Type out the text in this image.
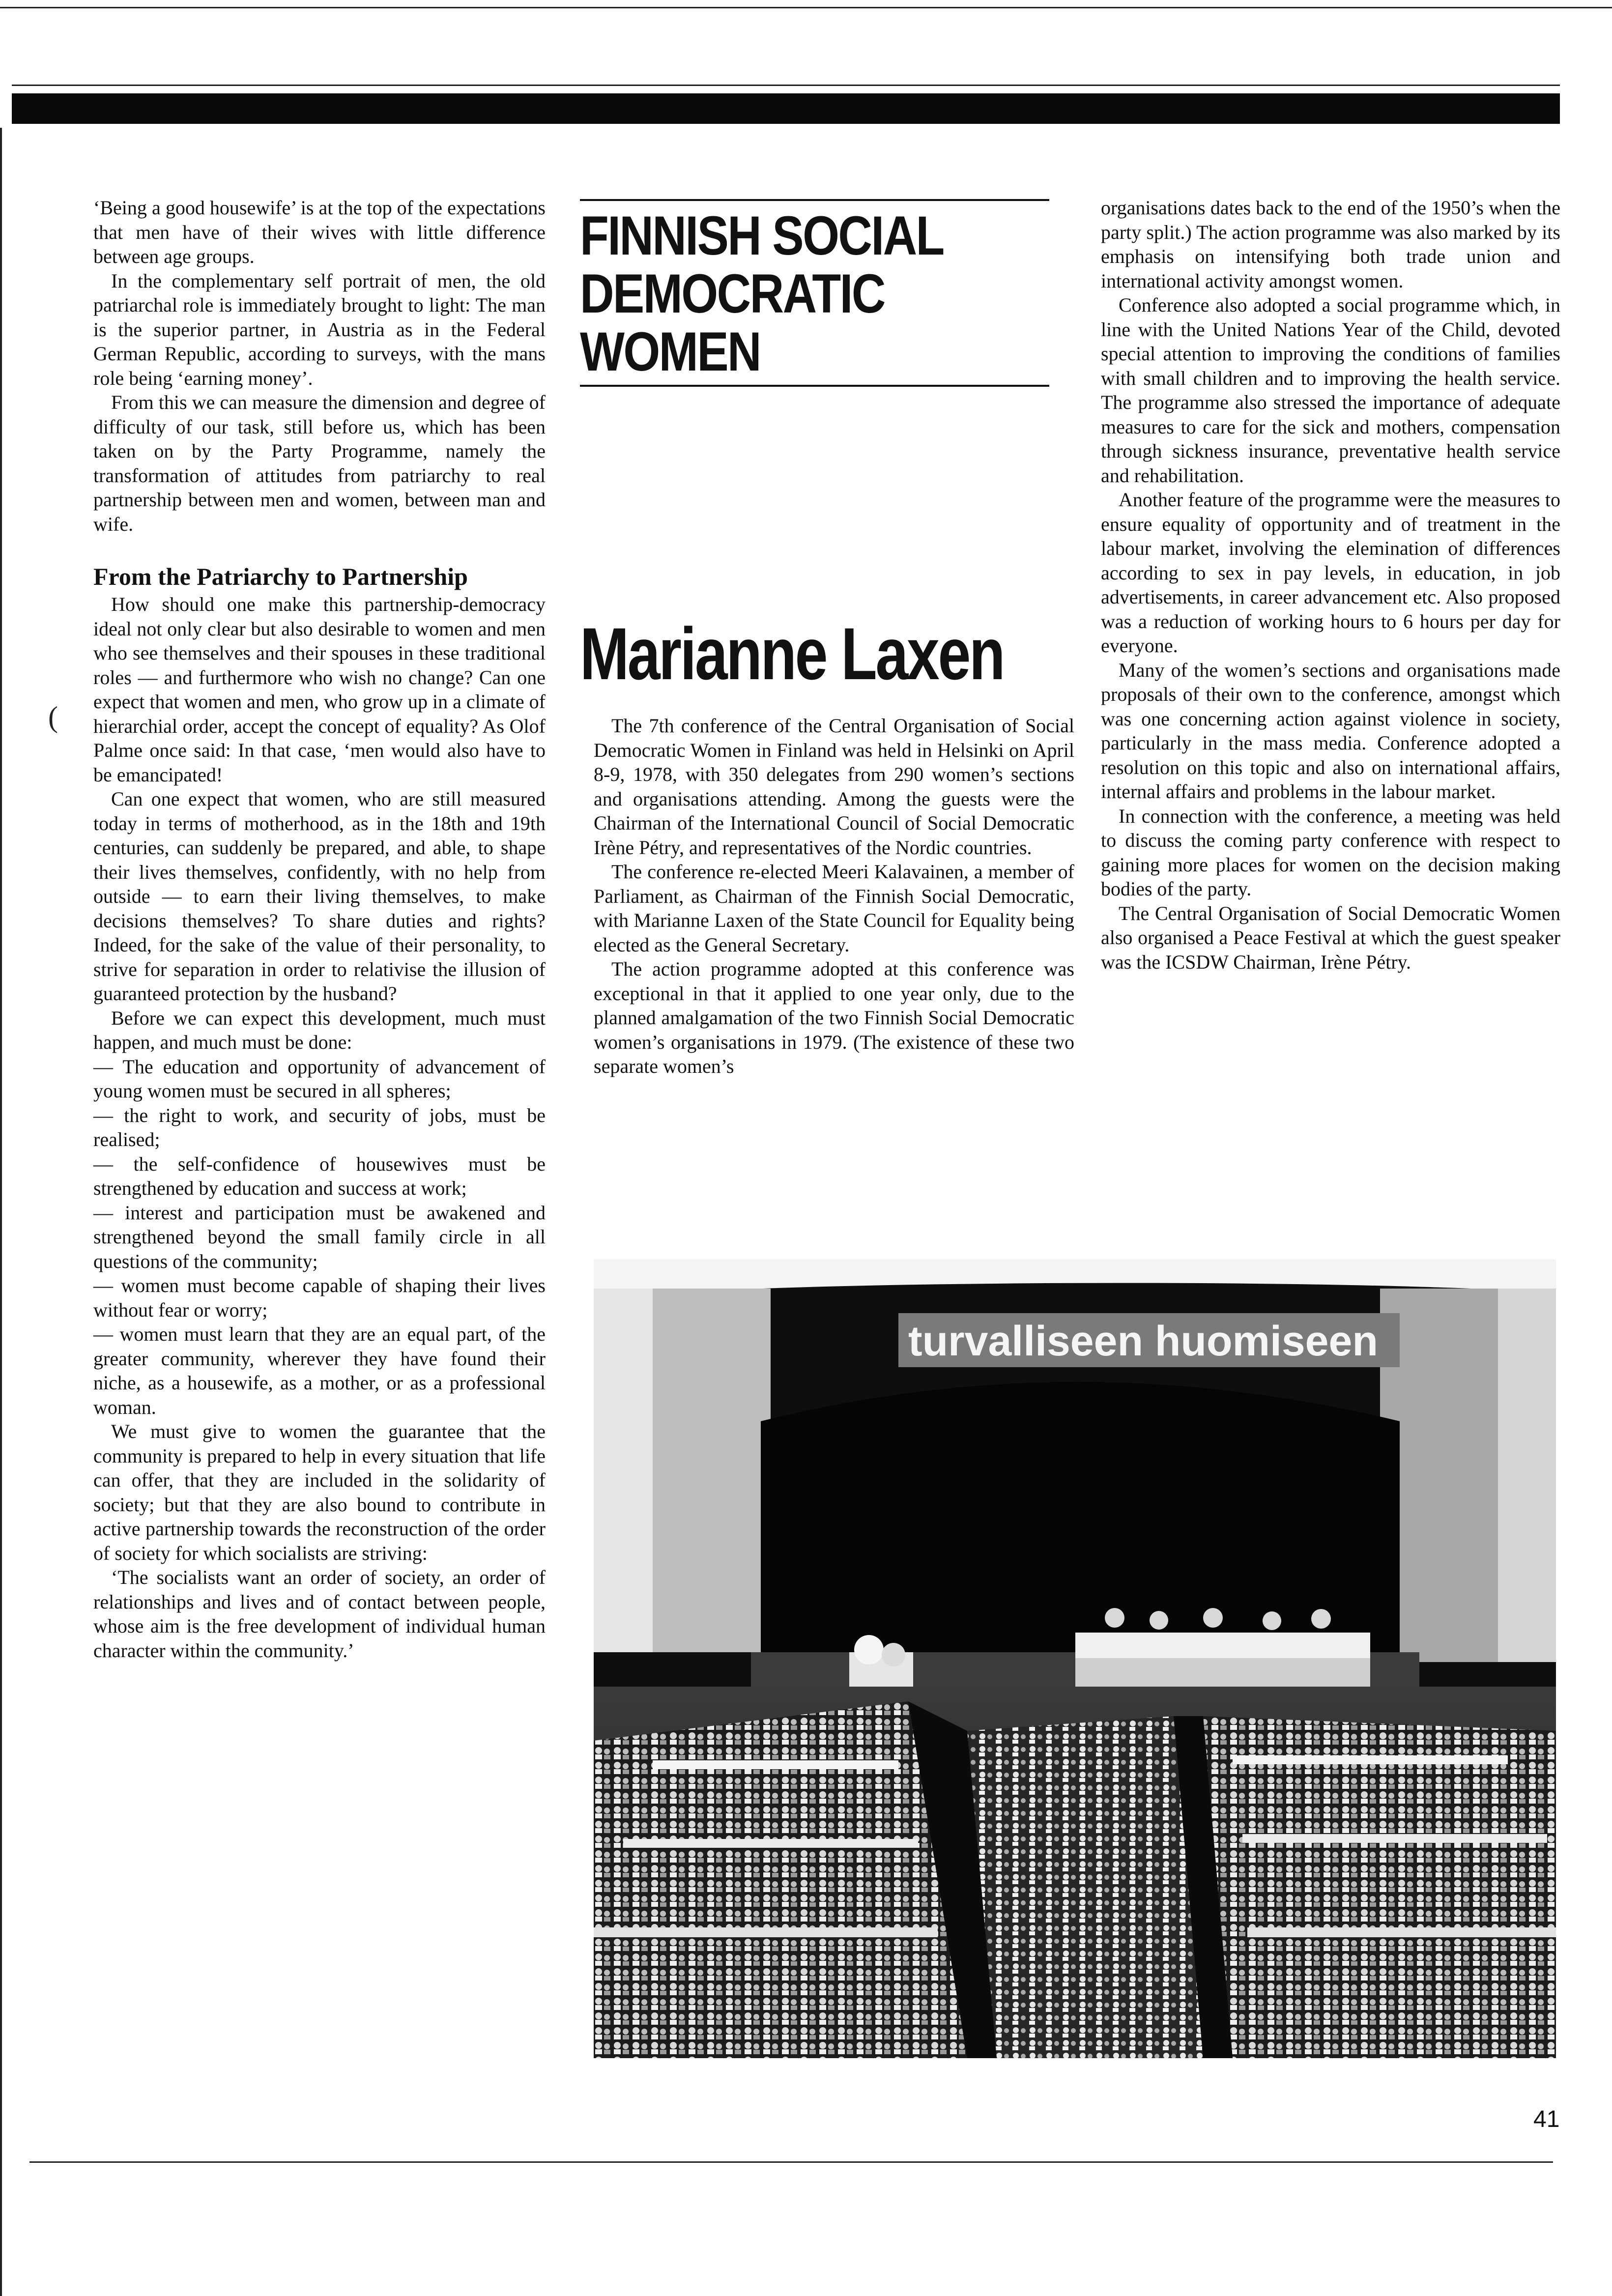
(

‘Being a good housewife’ is at the top of the expectations that men have of their wives with little difference between age groups.

In the complementary self portrait of men, the old patriarchal role is immediately brought to light: The man is the superior partner, in Austria as in the Federal German Republic, according to surveys, with the mans role being ‘earning money’.

From this we can measure the dimension and degree of difficulty of our task, still before us, which has been taken on by the Party Programme, namely the transformation of attitudes from patriarchy to real partnership between men and women, between man and wife.

From the Patriarchy to Partnership

How should one make this partnership-democracy ideal not only clear but also desirable to women and men who see themselves and their spouses in these traditional roles — and furthermore who wish no change? Can one expect that women and men, who grow up in a climate of hierarchial order, accept the concept of equality? As Olof Palme once said: In that case, ‘men would also have to be emancipated!

Can one expect that women, who are still measured today in terms of motherhood, as in the 18th and 19th centuries, can suddenly be prepared, and able, to shape their lives themselves, confidently, with no help from outside — to earn their living themselves, to make decisions themselves? To share duties and rights? Indeed, for the sake of the value of their personality, to strive for separation in order to relativise the illusion of guaranteed protection by the husband?

Before we can expect this development, much must happen, and much must be done:

— The education and opportunity of advancement of young women must be secured in all spheres;

— the right to work, and security of jobs, must be realised;

— the self-confidence of housewives must be strengthened by education and success at work;

— interest and participation must be awakened and strengthened beyond the small family circle in all questions of the community;

— women must become capable of shaping their lives without fear or worry;

— women must learn that they are an equal part, of the greater community, wherever they have found their niche, as a housewife, as a mother, or as a professional woman.

We must give to women the guarantee that the community is prepared to help in every situation that life can offer, that they are included in the solidarity of society; but that they are also bound to contribute in active partnership towards the reconstruction of the order of society for which socialists are striving:

‘The socialists want an order of society, an order of relationships and lives and of contact between people, whose aim is the free development of individual human character within the community.’

FINNISH SOCIAL
DEMOCRATIC
WOMEN
Marianne Laxen

The 7th conference of the Central Organisation of Social Democratic Women in Finland was held in Helsinki on April 8-9, 1978, with 350 delegates from 290 women’s sections and organisations attending. Among the guests were the Chairman of the International Council of Social Democratic Irène Pétry, and representatives of the Nordic countries.

The conference re-elected Meeri Kalavainen, a member of Parliament, as Chairman of the Finnish Social Democratic, with Marianne Laxen of the State Council for Equality being elected as the General Secretary.

The action programme adopted at this conference was exceptional in that it applied to one year only, due to the planned amalgamation of the two Finnish Social Democratic women’s organisations in 1979. (The existence of these two separate women’s

organisations dates back to the end of the 1950’s when the party split.) The action programme was also marked by its emphasis on intensifying both trade union and international activity amongst women.

Conference also adopted a social programme which, in line with the United Nations Year of the Child, devoted special attention to improving the conditions of families with small children and to improving the health service. The programme also stressed the importance of adequate measures to care for the sick and mothers, compensation through sickness insurance, preventative health service and rehabilitation.

Another feature of the programme were the measures to ensure equality of opportunity and of treatment in the labour market, involving the elemination of differences according to sex in pay levels, in education, in job advertisements, in career advancement etc. Also proposed was a reduction of working hours to 6 hours per day for everyone.

Many of the women’s sections and organisations made proposals of their own to the conference, amongst which was one concerning action against violence in society, particularly in the mass media. Conference adopted a resolution on this topic and also on international affairs, internal affairs and problems in the labour market.

In connection with the conference, a meeting was held to discuss the coming party conference with respect to gaining more places for women on the decision making bodies of the party.

The Central Organisation of Social Democratic Women also organised a Peace Festival at which the guest speaker was the ICSDW Chairman, Irène Pétry.

turvalliseen huomiseen
41
